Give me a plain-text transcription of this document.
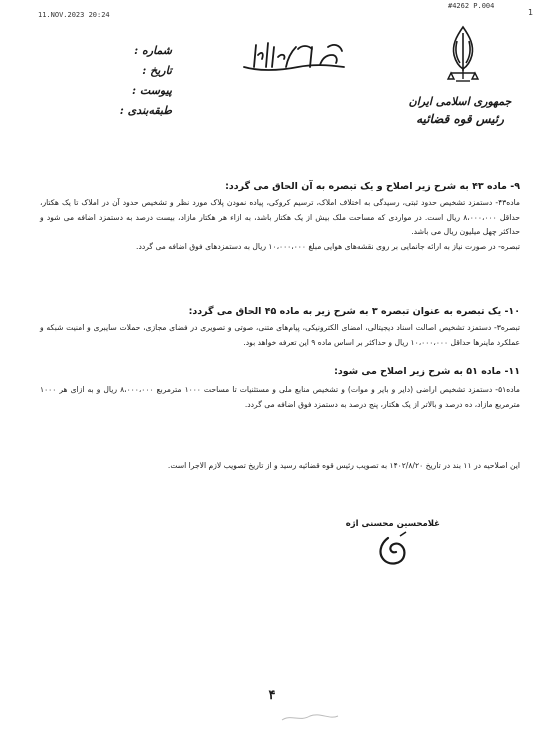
11.NOV.2023 20:24
#4262 P.004
1
جمهوری اسلامی ایران
رئیس قوه قضائیه
شماره :
تاریخ :
پیوست :
طبقه‌بندی :
۹- ماده ۴۳ به شرح زیر اصلاح و یک تبصره به آن الحاق می گردد:
ماده۴۳- دستمزد تشخیص حدود ثبتی، رسیدگی به اختلاف املاک، ترسیم کروکی، پیاده نمودن پلاک مورد نظر و تشخیص حدود آن در املاک تا یک هکتار، حداقل ۸،۰۰۰،۰۰۰ ریال است. در مواردی که مساحت ملک بیش از یک هکتار باشد، به ازاء هر هکتار مازاد، بیست درصد به دستمزد اضافه می شود و حداکثر چهل میلیون ریال می باشد.
تبصره- در صورت نیاز به ارائه جانمایی بر روی نقشه‌های هوایی مبلغ ۱۰،۰۰۰،۰۰۰ ریال به دستمزدهای فوق اضافه می گردد.
۱۰- یک تبصره به عنوان تبصره ۳ به شرح زیر به ماده ۴۵ الحاق می گردد:
تبصره۳- دستمزد تشخیص اصالت اسناد دیجیتالی، امضای الکترونیکی، پیام‌های متنی، صوتی و تصویری در فضای مجازی، حملات سایبری و امنیت شبکه و عملکرد ماینرها حداقل ۱۰،۰۰۰،۰۰۰ ریال و حداکثر بر اساس ماده ۹ این تعرفه خواهد بود.
۱۱- ماده ۵۱ به شرح زیر اصلاح می شود:
ماده۵۱- دستمزد تشخیص اراضی (دایر و بایر و موات) و تشخیص منابع ملی و مستثنیات تا مساحت ۱۰۰۰ مترمربع ۸،۰۰۰،۰۰۰ ریال و به ازای هر ۱۰۰۰ مترمربع مازاد، ده درصد و بالاتر از یک هکتار، پنج درصد به دستمزد فوق اضافه می گردد.
این اصلاحیه در ۱۱ بند در تاریخ ۱۴۰۲/۸/۲۰ به تصویب رئیس قوه قضائیه رسید و از تاریخ تصویب لازم الاجرا است.
غلامحسین محسنی اژه
۴
